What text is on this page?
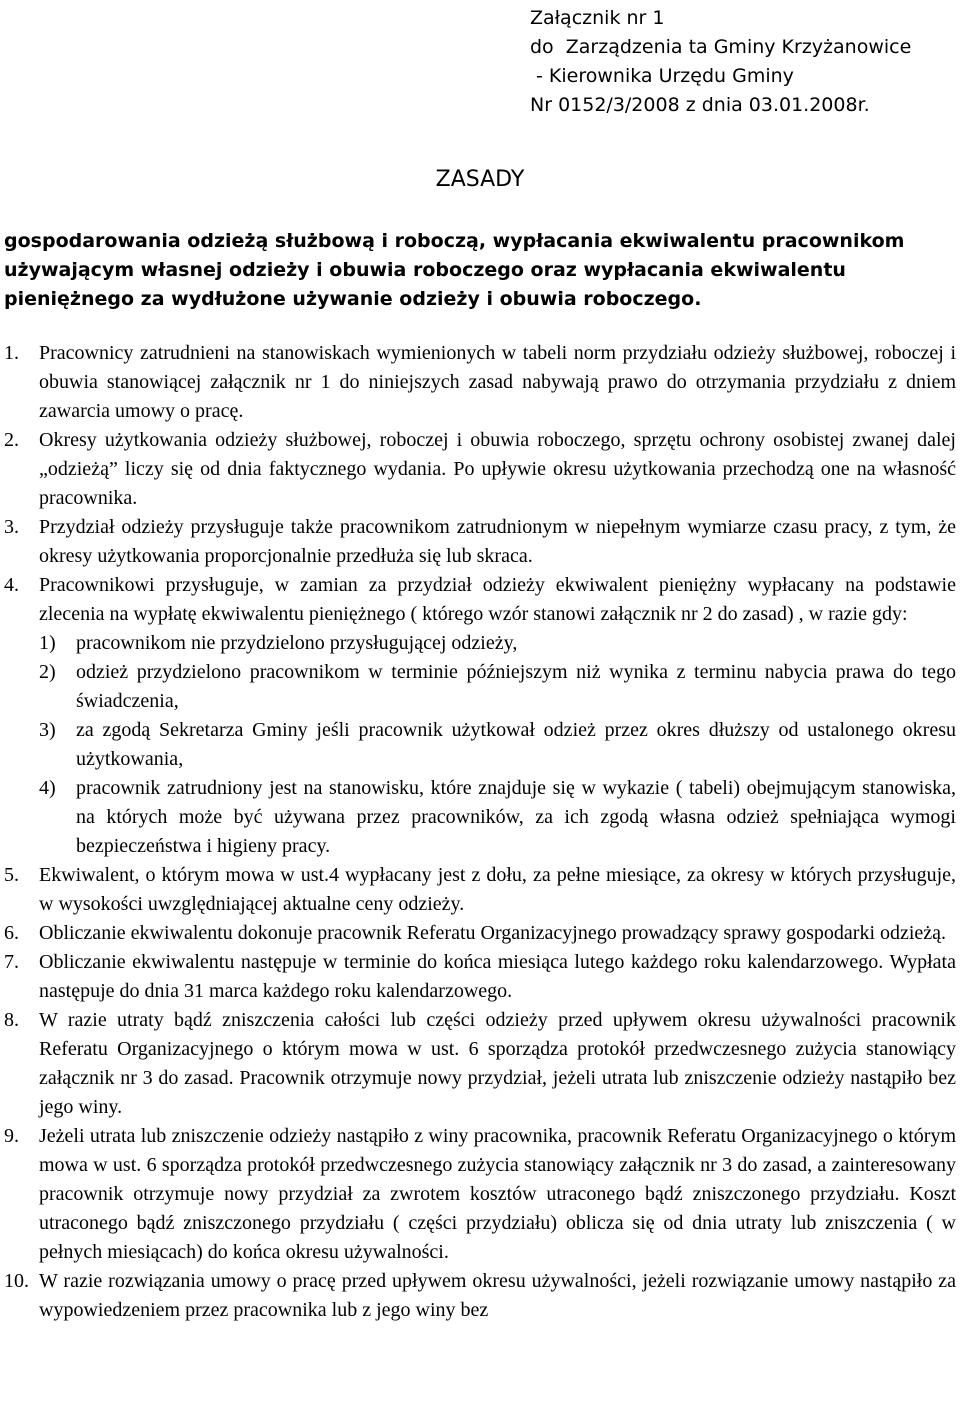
Załącznik nr 1
do  Zarządzenia ta Gminy Krzyżanowice
- Kierownika Urzędu Gminy
Nr 0152/3/2008 z dnia 03.01.2008r.
ZASADY
gospodarowania odzieżą służbową i roboczą, wypłacania ekwiwalentu pracownikom używającym własnej odzieży i obuwia roboczego oraz wypłacania ekwiwalentu pieniężnego za wydłużone używanie odzieży i obuwia roboczego.
1.	Pracownicy zatrudnieni na stanowiskach wymienionych w tabeli norm przydziału odzieży służbowej, roboczej i obuwia stanowiącej załącznik nr 1 do niniejszych zasad nabywają prawo do otrzymania przydziału z dniem zawarcia umowy o pracę.
2.	Okresy użytkowania odzieży służbowej, roboczej i obuwia roboczego, sprzętu ochrony osobistej zwanej dalej „odzieżą” liczy się od dnia faktycznego wydania. Po upływie okresu użytkowania przechodzą one na własność pracownika.
3.	Przydział odzieży przysługuje także pracownikom zatrudnionym w niepełnym wymiarze czasu pracy, z tym, że okresy użytkowania proporcjonalnie przedłuża się lub skraca.
4.	Pracownikowi przysługuje, w zamian za przydział odzieży ekwiwalent pieniężny wypłacany na podstawie zlecenia na wypłatę ekwiwalentu pieniężnego ( którego wzór stanowi załącznik nr 2 do zasad) , w razie gdy:
1)	pracownikom nie przydzielono przysługującej odzieży,
2)	odzież przydzielono pracownikom w terminie późniejszym niż wynika z terminu nabycia prawa do tego świadczenia,
3)	za zgodą Sekretarza Gminy jeśli pracownik użytkował odzież przez okres dłuższy od ustalonego okresu użytkowania,
4)	pracownik zatrudniony jest na stanowisku, które znajduje się w wykazie ( tabeli) obejmującym stanowiska, na których może być używana przez pracowników, za ich zgodą własna odzież spełniająca wymogi bezpieczeństwa i higieny pracy.
5.	Ekwiwalent, o którym mowa w ust.4 wypłacany jest z dołu, za pełne miesiące, za okresy w których przysługuje, w wysokości uwzględniającej aktualne ceny odzieży.
6.	Obliczanie ekwiwalentu dokonuje pracownik Referatu Organizacyjnego prowadzący sprawy gospodarki odzieżą.
7.	Obliczanie ekwiwalentu następuje w terminie do końca miesiąca lutego każdego roku kalendarzowego. Wypłata następuje do dnia 31 marca każdego roku kalendarzowego.
8.	W razie utraty bądź zniszczenia całości lub części odzieży przed upływem okresu używalności pracownik Referatu Organizacyjnego o którym mowa w ust. 6 sporządza protokół przedwczesnego zużycia stanowiący załącznik nr 3 do zasad. Pracownik otrzymuje nowy przydział, jeżeli utrata lub zniszczenie odzieży nastąpiło bez jego winy.
9.	Jeżeli utrata lub zniszczenie odzieży nastąpiło z winy pracownika, pracownik Referatu Organizacyjnego o którym mowa w ust. 6 sporządza protokół przedwczesnego zużycia stanowiący załącznik nr 3 do zasad, a zainteresowany pracownik otrzymuje nowy przydział za zwrotem kosztów utraconego bądź zniszczonego przydziału. Koszt utraconego bądź zniszczonego przydziału ( części przydziału) oblicza się od dnia utraty lub zniszczenia ( w pełnych miesiącach) do końca okresu używalności.
10. W razie rozwiązania umowy o pracę przed upływem okresu używalności, jeżeli rozwiązanie umowy nastąpiło za wypowiedzeniem przez pracownika lub z jego winy bez
